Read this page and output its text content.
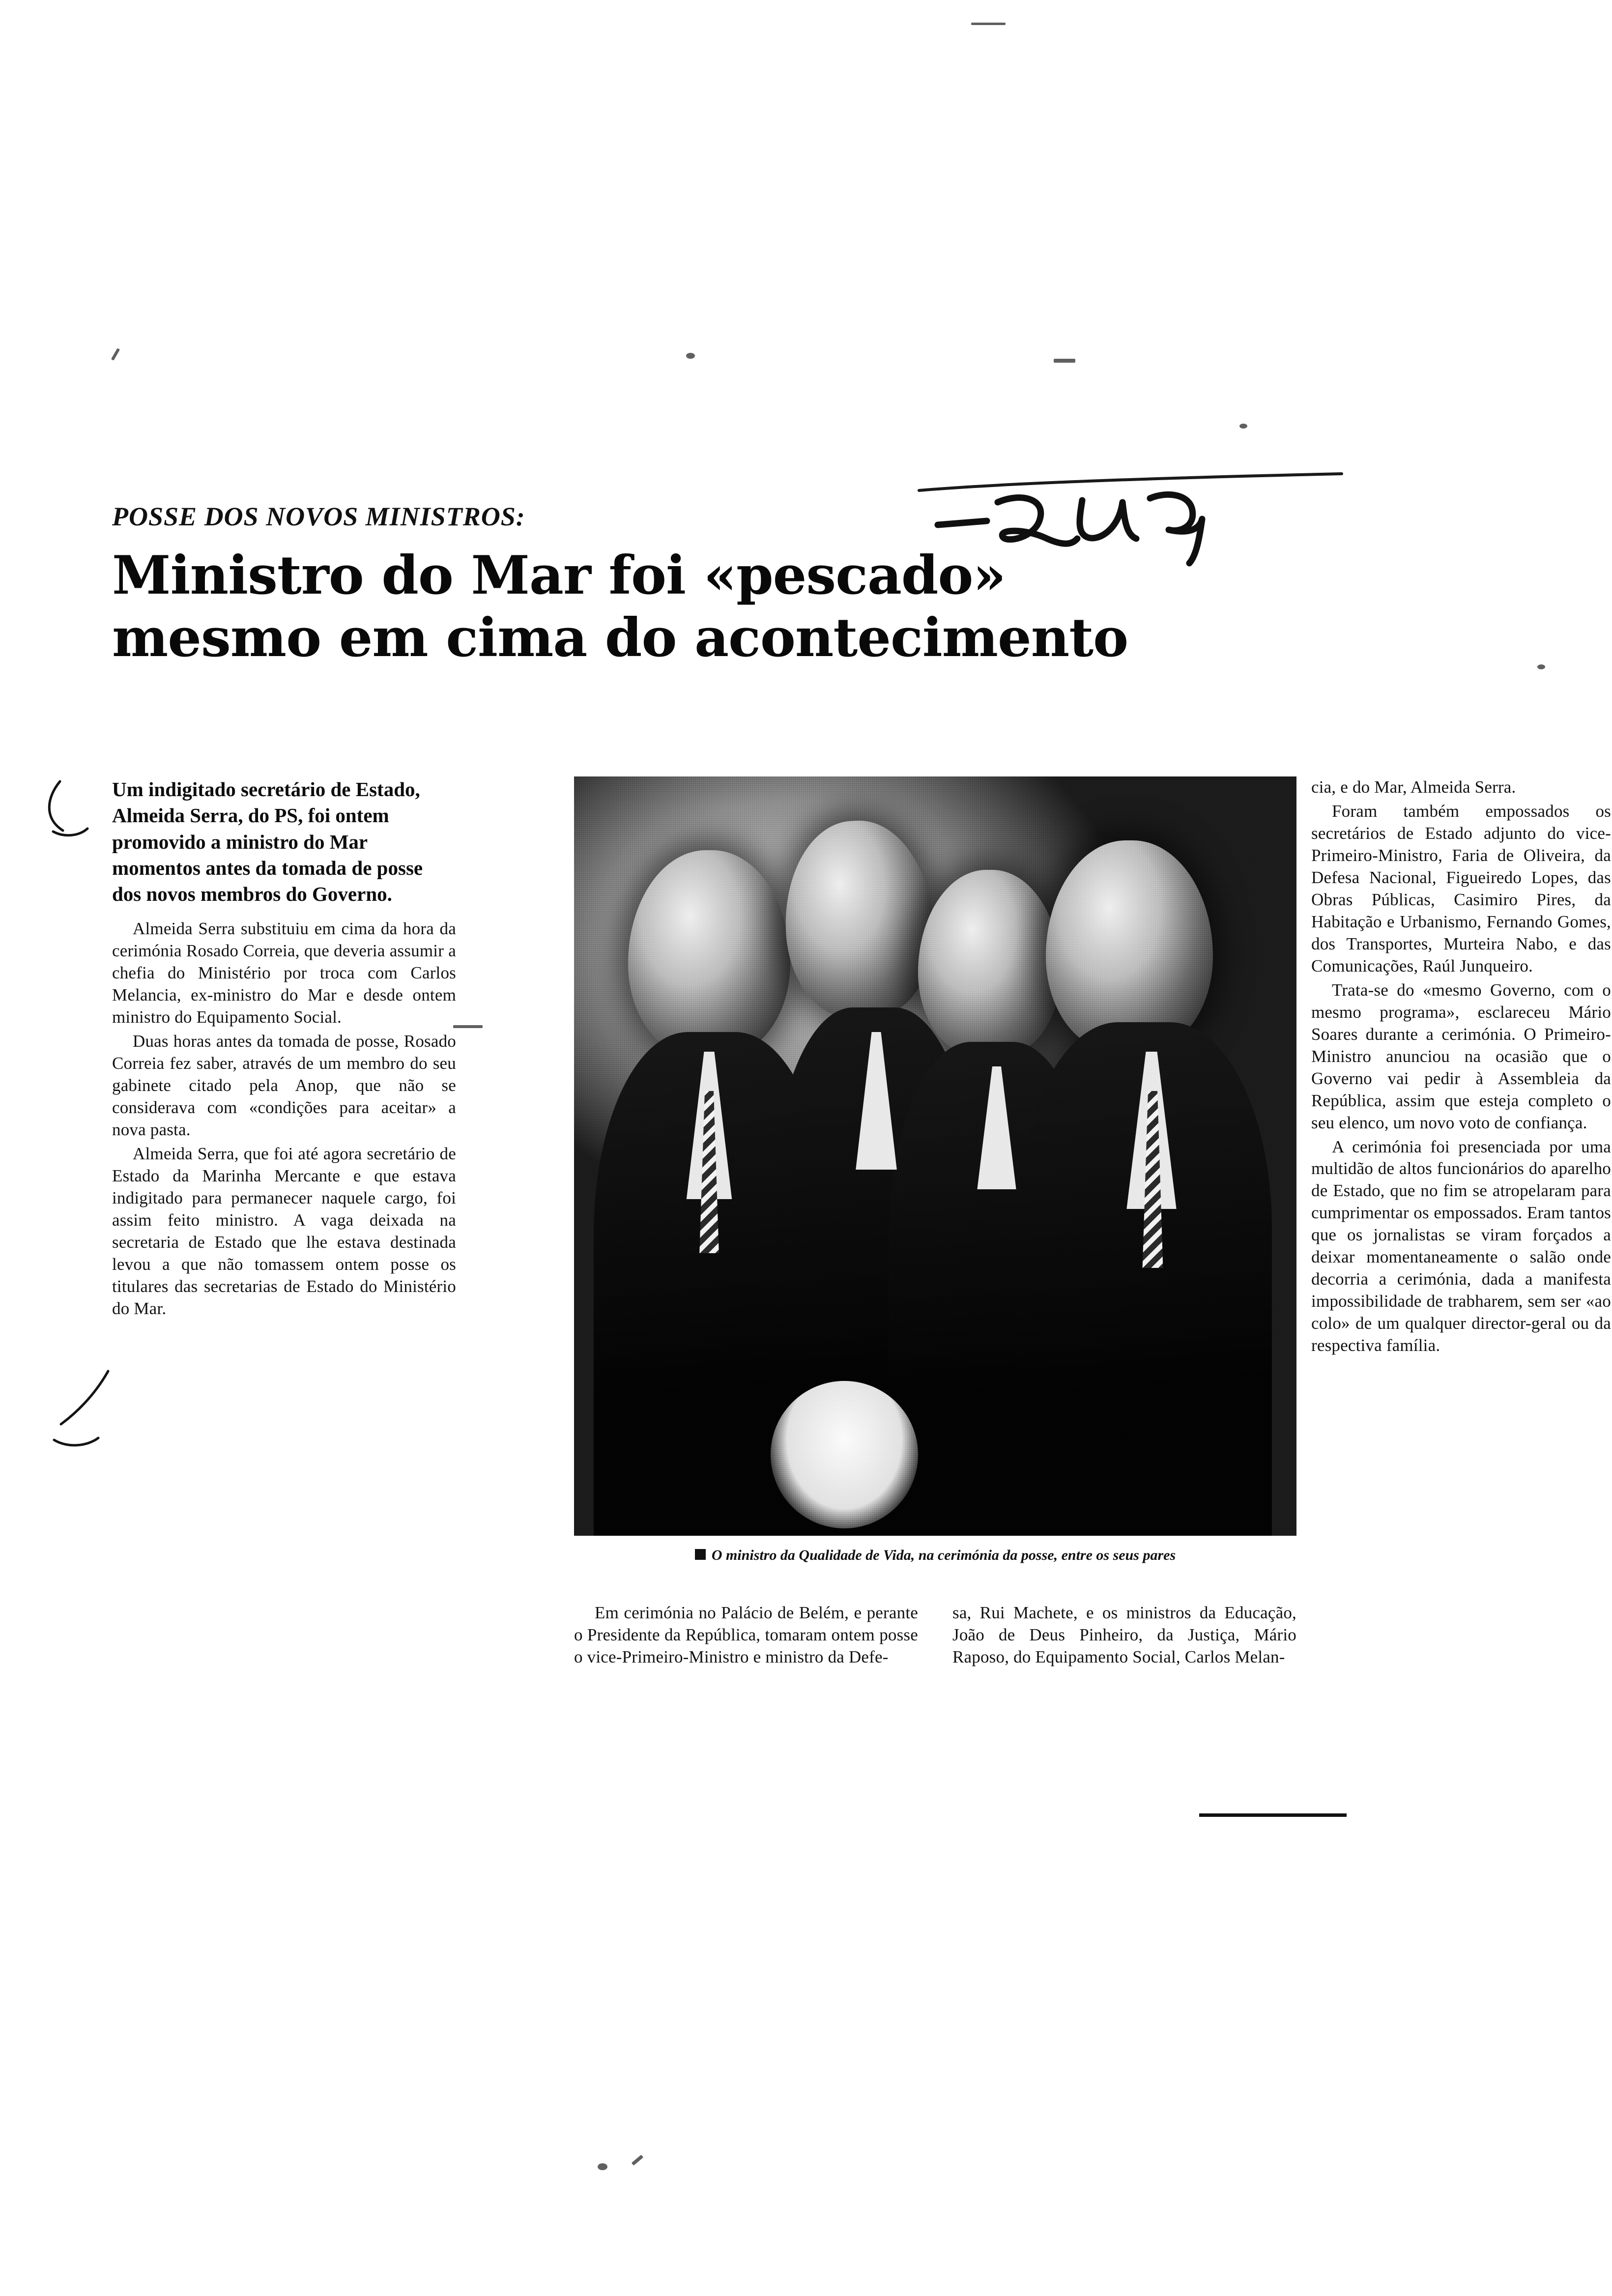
POSSE DOS NOVOS MINISTROS:
Ministro do Mar foi «pescado»
mesmo em cima do acontecimento

Um indigitado secretário de Estado, Almeida Serra, do PS, foi ontem promovido a ministro do Mar momentos antes da tomada de posse dos novos membros do Governo.

Almeida Serra substituiu em cima da hora da cerimónia Rosado Correia, que deveria assumir a chefia do Ministério por troca com Carlos Melancia, ex-ministro do Mar e desde ontem ministro do Equipamento Social.

Duas horas antes da tomada de posse, Rosado Correia fez saber, através de um membro do seu gabinete citado pela Anop, que não se considerava com «condições para aceitar» a nova pasta.

Almeida Serra, que foi até agora secretário de Estado da Marinha Mercante e que estava indigitado para permanecer naquele cargo, foi assim feito ministro. A vaga deixada na secretaria de Estado que lhe estava destinada levou a que não tomassem ontem posse os titulares das secretarias de Estado do Ministério do Mar.

O ministro da Qualidade de Vida, na cerimónia da posse, entre os seus pares

Em cerimónia no Palácio de Belém, e perante o Presidente da República, tomaram ontem posse o vice-Primeiro-Ministro e ministro da Defe-

sa, Rui Machete, e os ministros da Educação, João de Deus Pinheiro, da Justiça, Mário Raposo, do Equipamento Social, Carlos Melan-

cia, e do Mar, Almeida Serra.

Foram também empossados os secretários de Estado adjunto do vice-Primeiro-Ministro, Faria de Oliveira, da Defesa Nacional, Figueiredo Lopes, das Obras Públicas, Casimiro Pires, da Habitação e Urbanismo, Fernando Gomes, dos Transportes, Murteira Nabo, e das Comunicações, Raúl Junqueiro.

Trata-se do «mesmo Governo, com o mesmo programa», esclareceu Mário Soares durante a cerimónia. O Primeiro-Ministro anunciou na ocasião que o Governo vai pedir à Assembleia da República, assim que esteja completo o seu elenco, um novo voto de confiança.

A cerimónia foi presenciada por uma multidão de altos funcionários do aparelho de Estado, que no fim se atropelaram para cumprimentar os empossados. Eram tantos que os jornalistas se viram forçados a deixar momentaneamente o salão onde decorria a cerimónia, dada a manifesta impossibilidade de trabharem, sem ser «ao colo» de um qualquer director-geral ou da respectiva família.
